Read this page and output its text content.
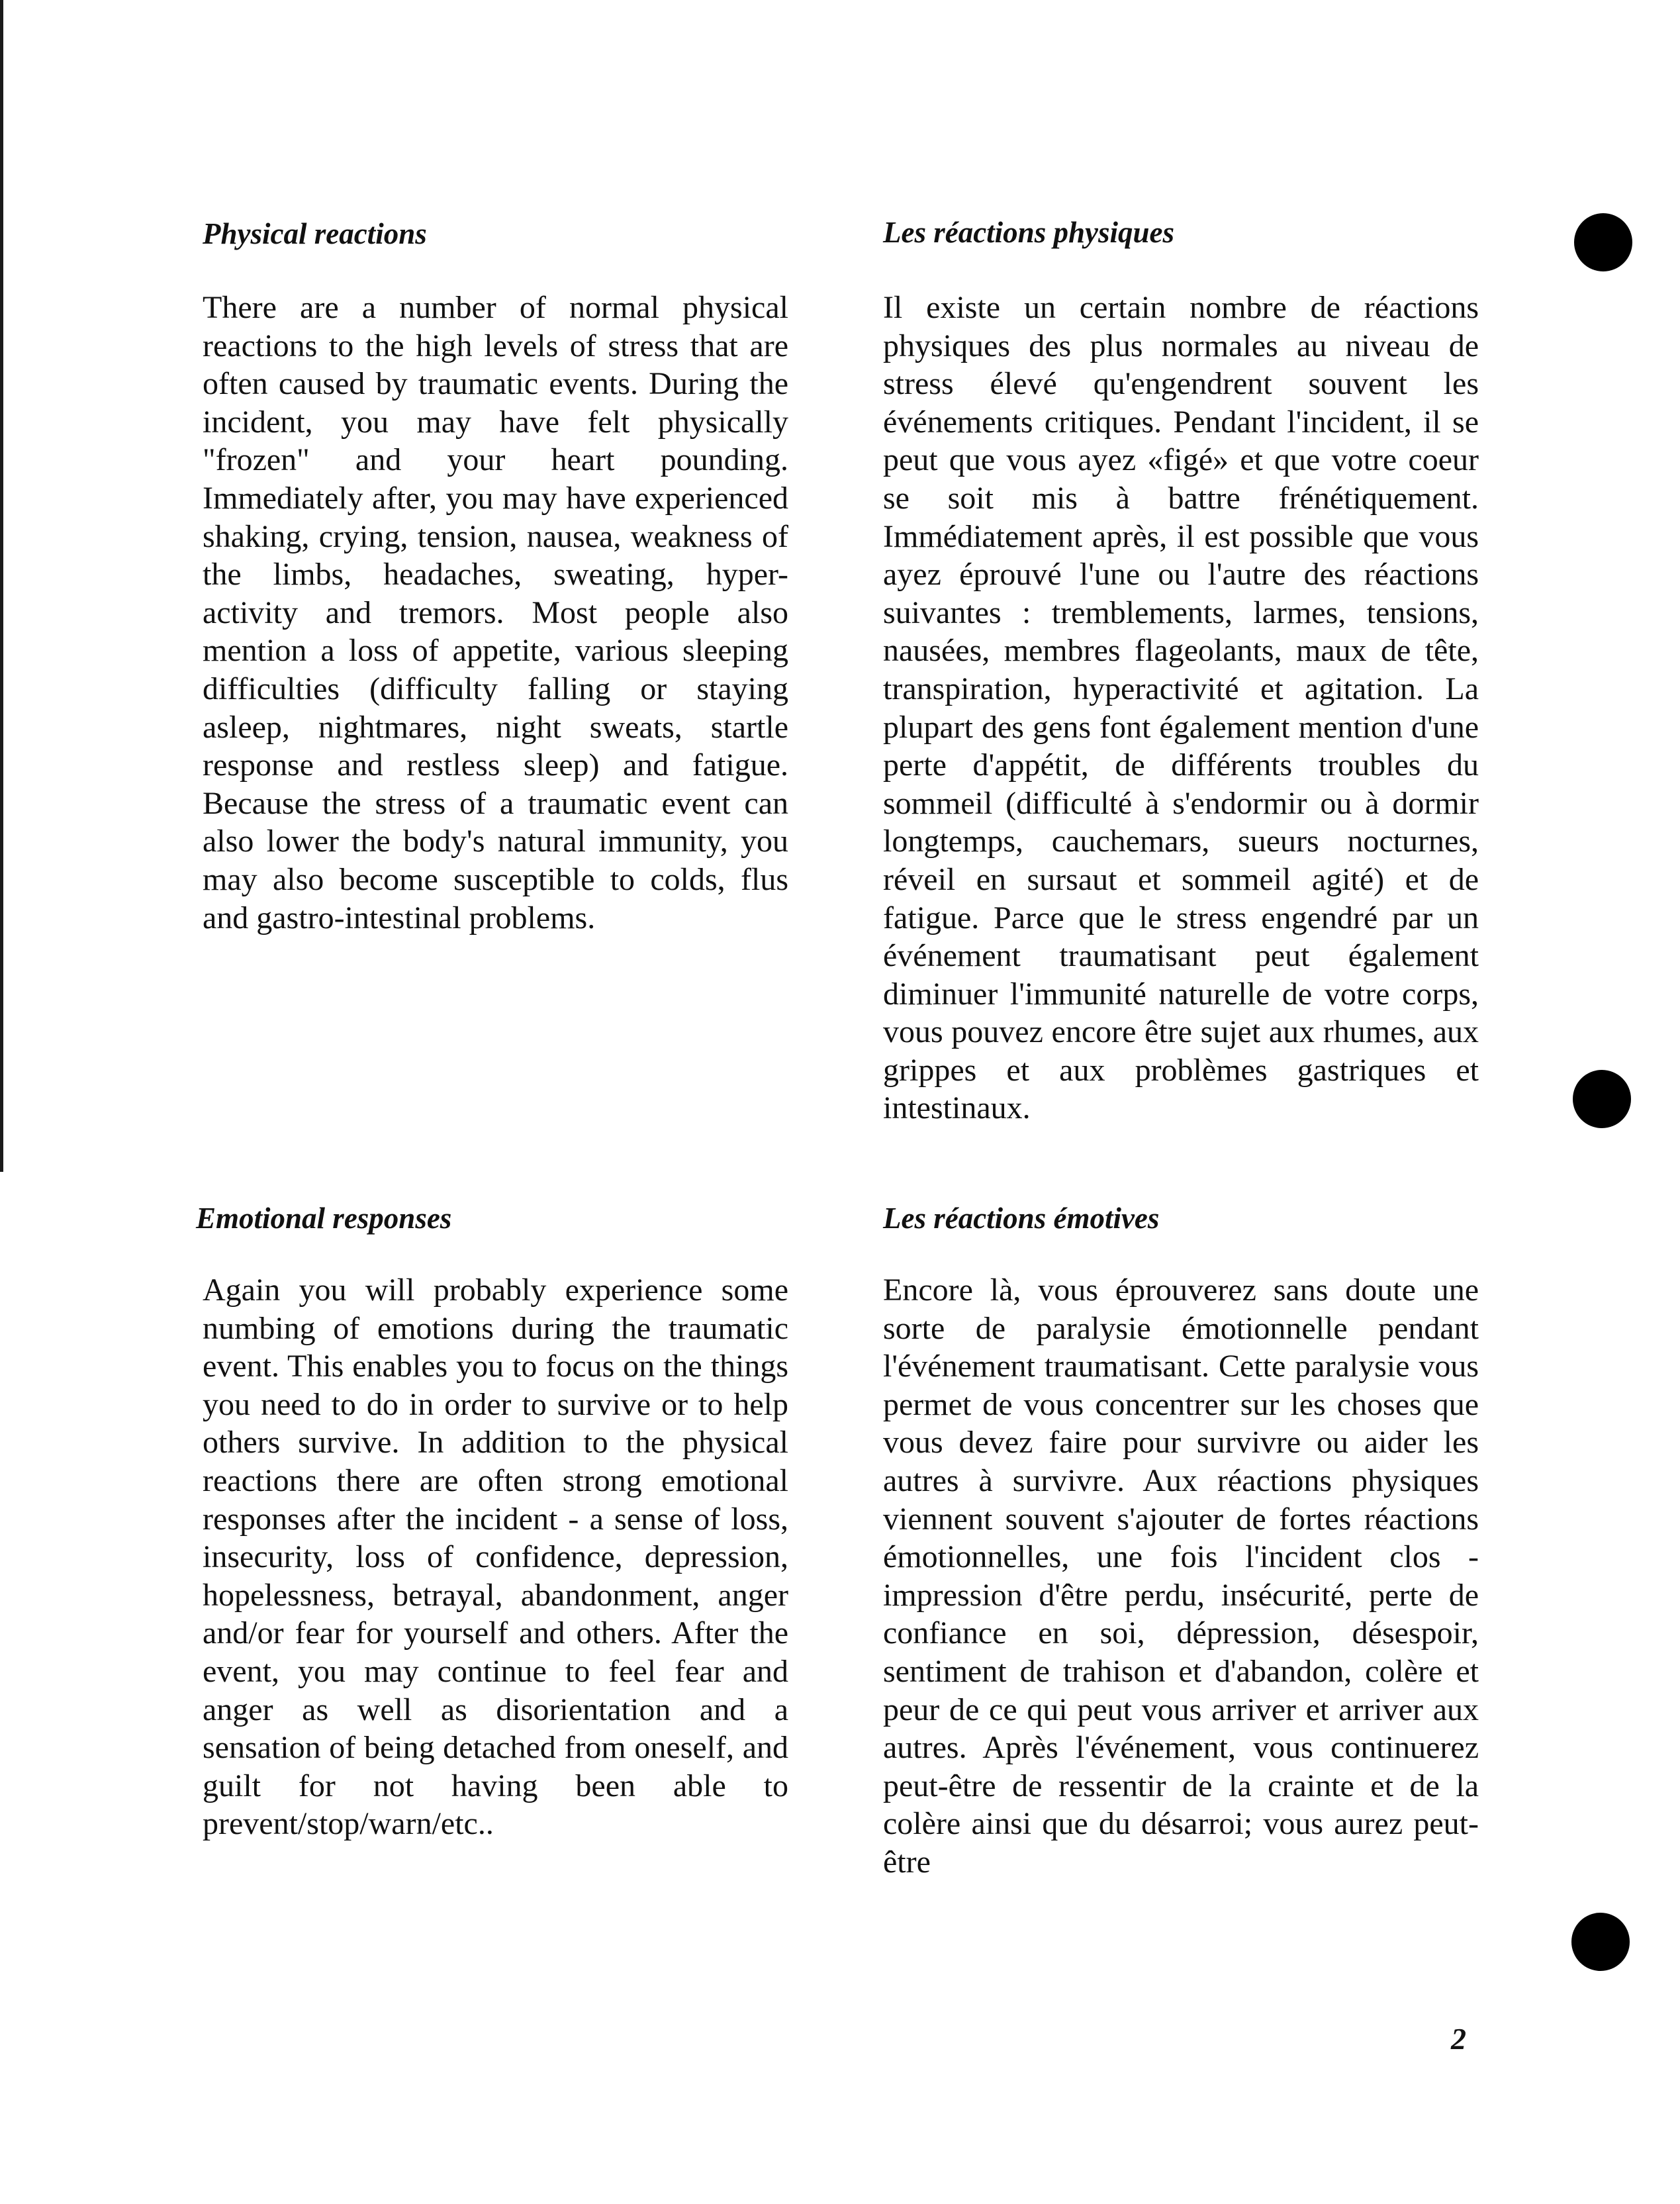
Physical reactions

There are a number of normal physical reactions to the high levels of stress that are often caused by traumatic events. During the incident, you may have felt physically "frozen" and your heart pounding. Immediately after, you may have experienced shaking, crying, tension, nausea, weakness of the limbs, headaches, sweating, hyper-activity and tremors. Most people also mention a loss of appetite, various sleeping difficulties (difficulty falling or staying asleep, nightmares, night sweats, startle response and restless sleep) and fatigue. Because the stress of a traumatic event can also lower the body's natural immunity, you may also become susceptible to colds, flus and gastro-intestinal problems.

Emotional responses

Again you will probably experience some numbing of emotions during the traumatic event. This enables you to focus on the things you need to do in order to survive or to help others survive. In addition to the physical reactions there are often strong emotional responses after the incident - a sense of loss, insecurity, loss of confidence, depression, hopelessness, betrayal, abandonment, anger and/or fear for yourself and others. After the event, you may continue to feel fear and anger as well as disorientation and a sensation of being detached from oneself, and guilt for not having been able to prevent/stop/warn/etc..

Les réactions physiques

Il existe un certain nombre de réactions physiques des plus normales au niveau de stress élevé qu'engendrent souvent les événements critiques. Pendant l'incident, il se peut que vous ayez «figé» et que votre coeur se soit mis à battre frénétiquement. Immédiatement après, il est possible que vous ayez éprouvé l'une ou l'autre des réactions suivantes : tremblements, larmes, tensions, nausées, membres flageolants, maux de tête, transpiration, hyperactivité et agitation. La plupart des gens font également mention d'une perte d'appétit, de différents troubles du sommeil (difficulté à s'endormir ou à dormir longtemps, cauchemars, sueurs nocturnes, réveil en sursaut et sommeil agité) et de fatigue. Parce que le stress engendré par un événement traumatisant peut également diminuer l'immunité naturelle de votre corps, vous pouvez encore être sujet aux rhumes, aux grippes et aux problèmes gastriques et intestinaux.

Les réactions émotives

Encore là, vous éprouverez sans doute une sorte de paralysie émotionnelle pendant l'événement traumatisant. Cette paralysie vous permet de vous concentrer sur les choses que vous devez faire pour survivre ou aider les autres à survivre. Aux réactions physiques viennent souvent s'ajouter de fortes réactions émotionnelles, une fois l'incident clos - impression d'être perdu, insécurité, perte de confiance en soi, dépression, désespoir, sentiment de trahison et d'abandon, colère et peur de ce qui peut vous arriver et arriver aux autres. Après l'événement, vous continuerez peut-être de ressentir de la crainte et de la colère ainsi que du désarroi; vous aurez peut-être

2
